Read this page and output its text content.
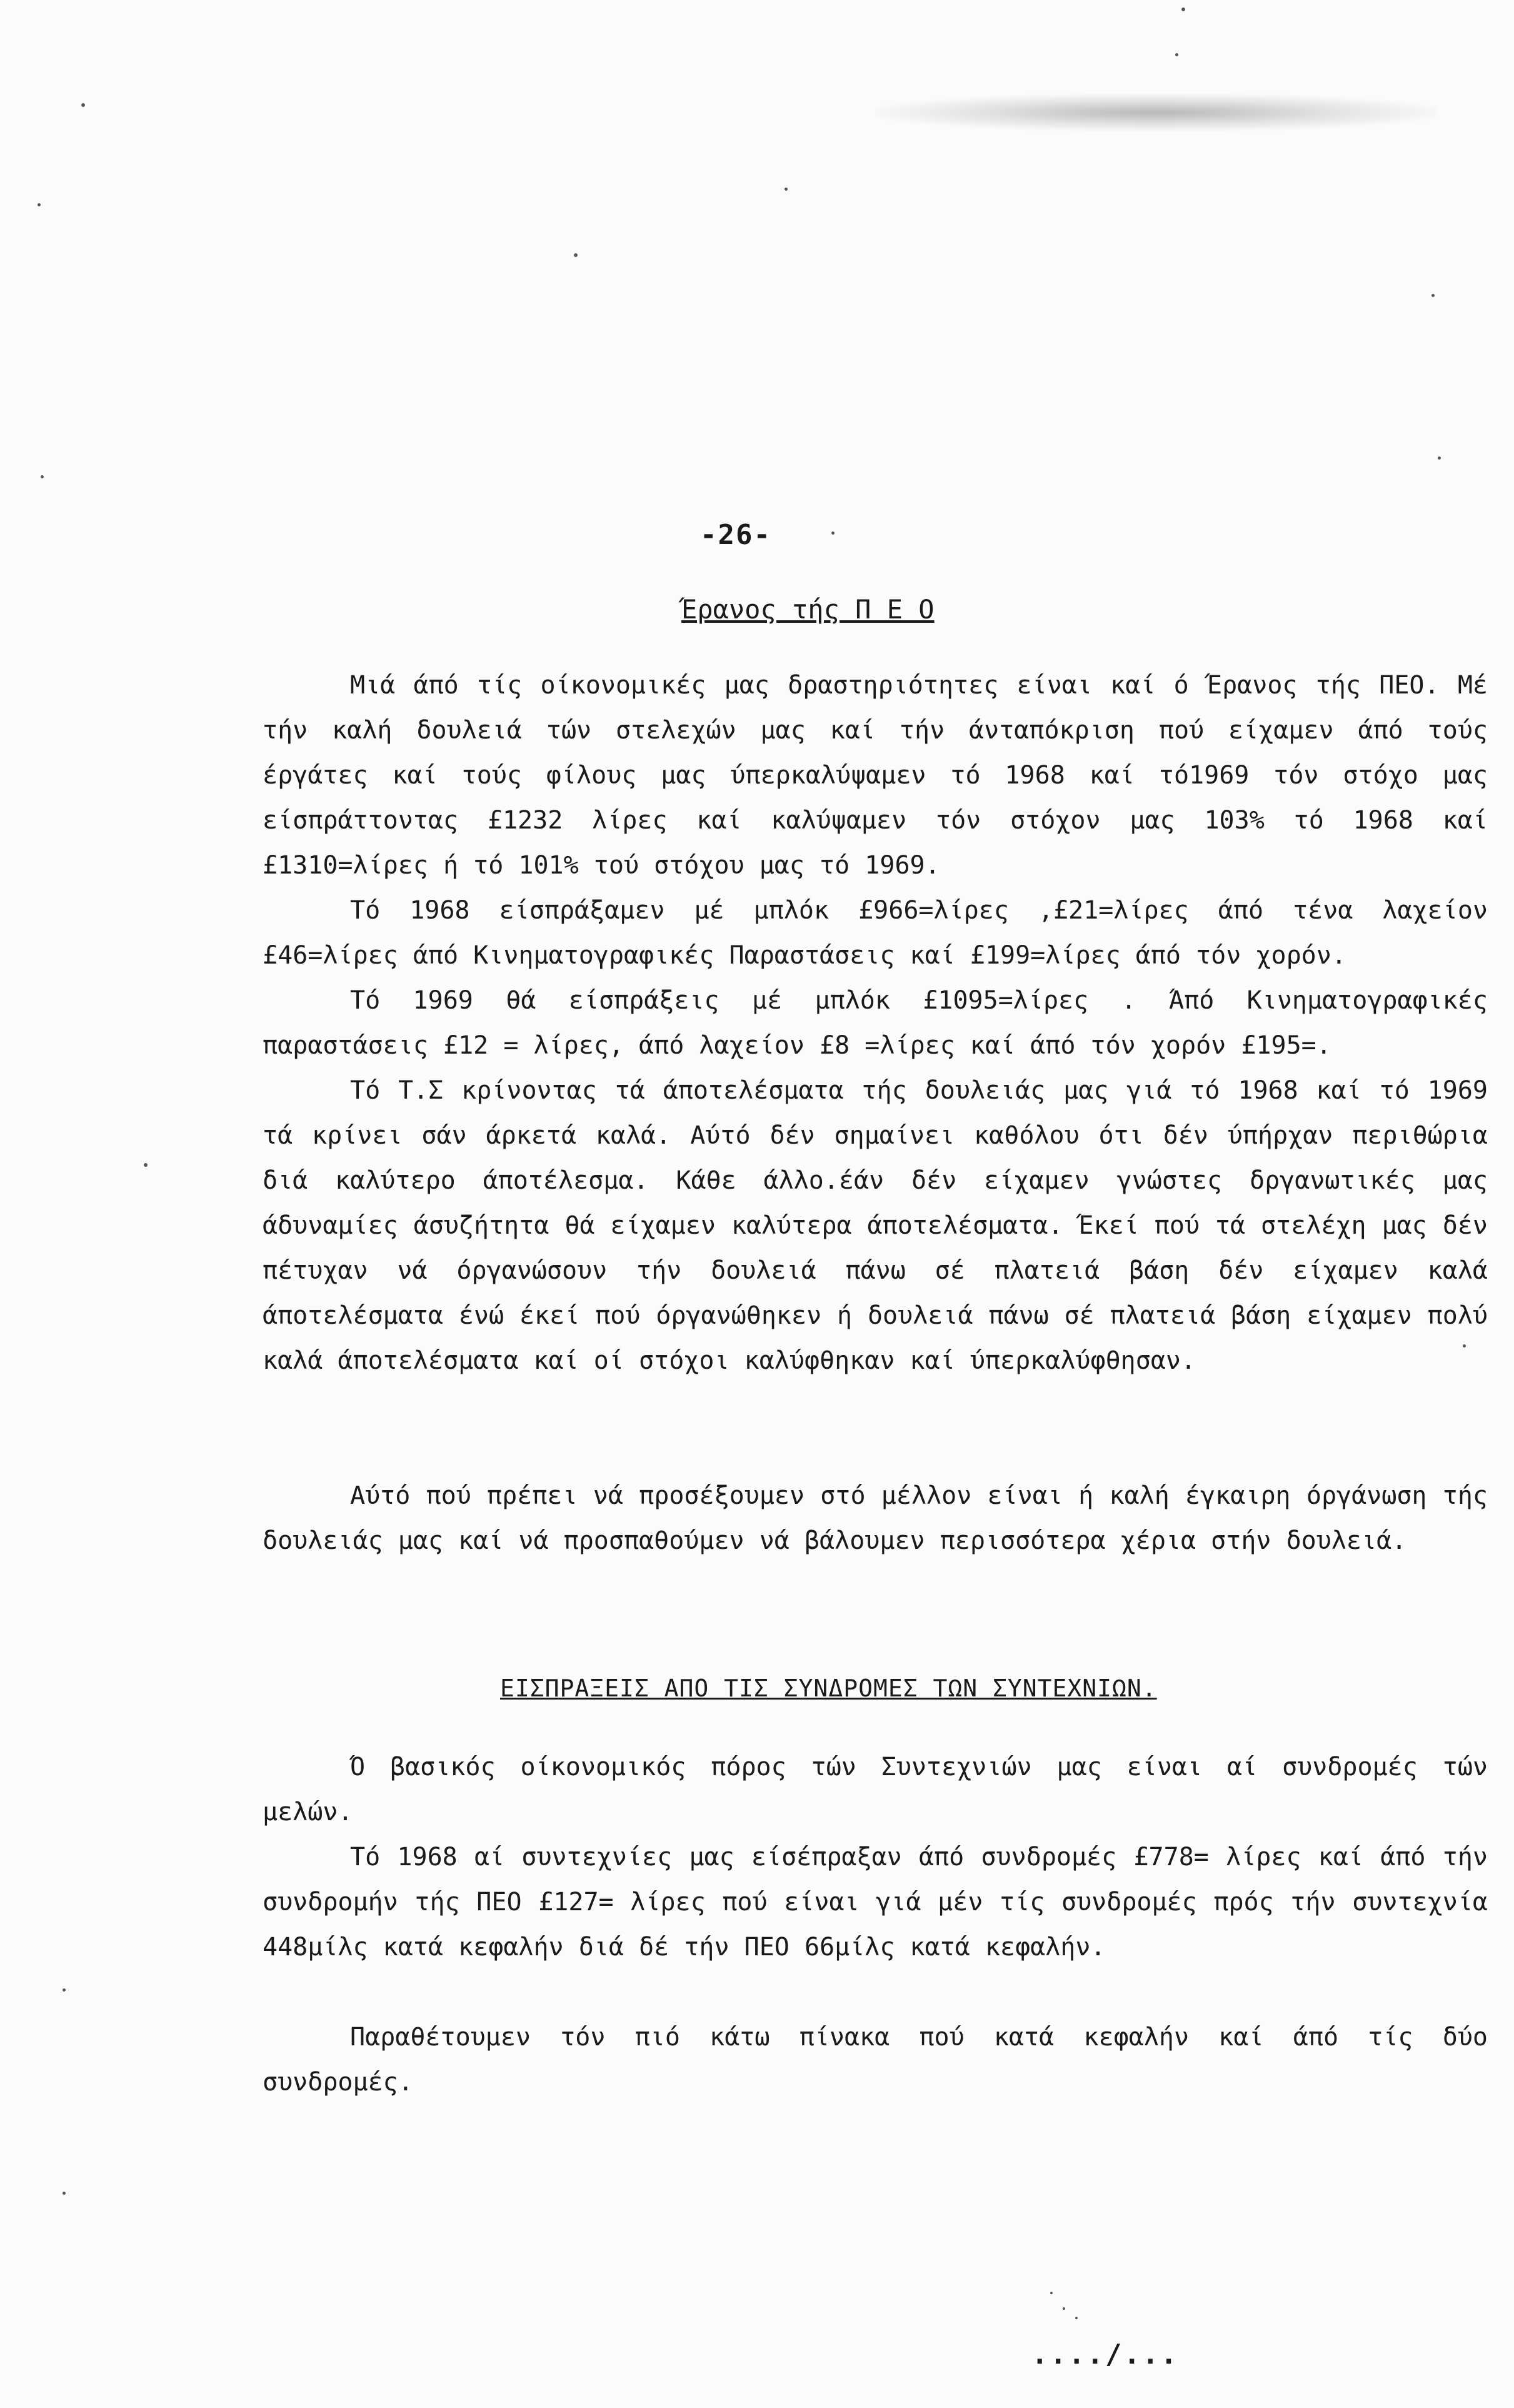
-26-
Έρανος τής Π Ε Ο

Μιά άπό τίς οίκονομικές μας δραστηριότητες είναι καί ό Έρανος τής ΠΕΟ. Μέ τήν καλή δουλειά τών στελεχών μας καί τήν άνταπόκριση πού είχαμεν άπό τούς έργάτες καί τούς φίλους μας ύπερκαλύψαμεν τό 1968 καί τό1969 τόν στόχο μας είσπράττοντας £1232 λίρες καί καλύψαμεν τόν στόχον μας 103% τό 1968 καί £1310=λίρες ή τό 101% τού στόχου μας τό 1969.

Τό 1968 είσπράξαμεν μέ μπλόκ £966=λίρες ,£21=λίρες άπό τένα λαχείον £46=λίρες άπό Κινηματογραφικές Παραστάσεις καί £199=λίρες άπό τόν χορόν.

Τό 1969 θά είσπράξεις μέ μπλόκ £1095=λίρες . Άπό Κινηματογραφικές παραστάσεις £12 = λίρες, άπό λαχείον £8 =λίρες καί άπό τόν χορόν £195=.

Τό Τ.Σ κρίνοντας τά άποτελέσματα τής δουλειάς μας γιά τό 1968 καί τό 1969 τά κρίνει σάν άρκετά καλά. Αύτό δέν σημαίνει καθόλου ότι δέν ύπήρχαν περιθώρια διά καλύτερο άποτέλεσμα. Κάθε άλλο.έάν δέν είχαμεν γνώστες δργανωτικές μας άδυναμίες άσυζήτητα θά είχαμεν καλύτερα άποτελέσματα. Έκεί πού τά στελέχη μας δέν πέτυχαν νά όργανώσουν τήν δουλειά πάνω σέ πλατειά βάση δέν είχαμεν καλά άποτελέσματα ένώ έκεί πού όργανώθηκεν ή δουλειά πάνω σέ πλατειά βάση είχαμεν πολύ καλά άποτελέσματα καί οί στόχοι καλύφθηκαν καί ύπερκαλύφθησαν.

Αύτό πού πρέπει νά προσέξουμεν στό μέλλον είναι ή καλή έγκαιρη όργάνωση τής δουλειάς μας καί νά προσπαθούμεν νά βάλουμεν περισσότερα χέρια στήν δουλειά.

ΕΙΣΠΡΑΞΕΙΣ ΑΠΟ ΤΙΣ ΣΥΝΔΡΟΜΕΣ ΤΩΝ ΣΥΝΤΕΧΝΙΩΝ.

Ό βασικός οίκονομικός πόρος τών Συντεχνιών μας είναι αί συνδρομές τών μελών.

Τό 1968 αί συντεχνίες μας είσέπραξαν άπό συνδρομές £778= λίρες καί άπό τήν συνδρομήν τής ΠΕΟ £127= λίρες πού είναι γιά μέν τίς συνδρομές πρός τήν συντεχνία 448μίλς κατά κεφαλήν διά δέ τήν ΠΕΟ 66μίλς κατά κεφαλήν.

Παραθέτουμεν τόν πιό κάτω πίνακα πού κατά κεφαλήν καί άπό τίς δύο συνδρομές.

..../...
